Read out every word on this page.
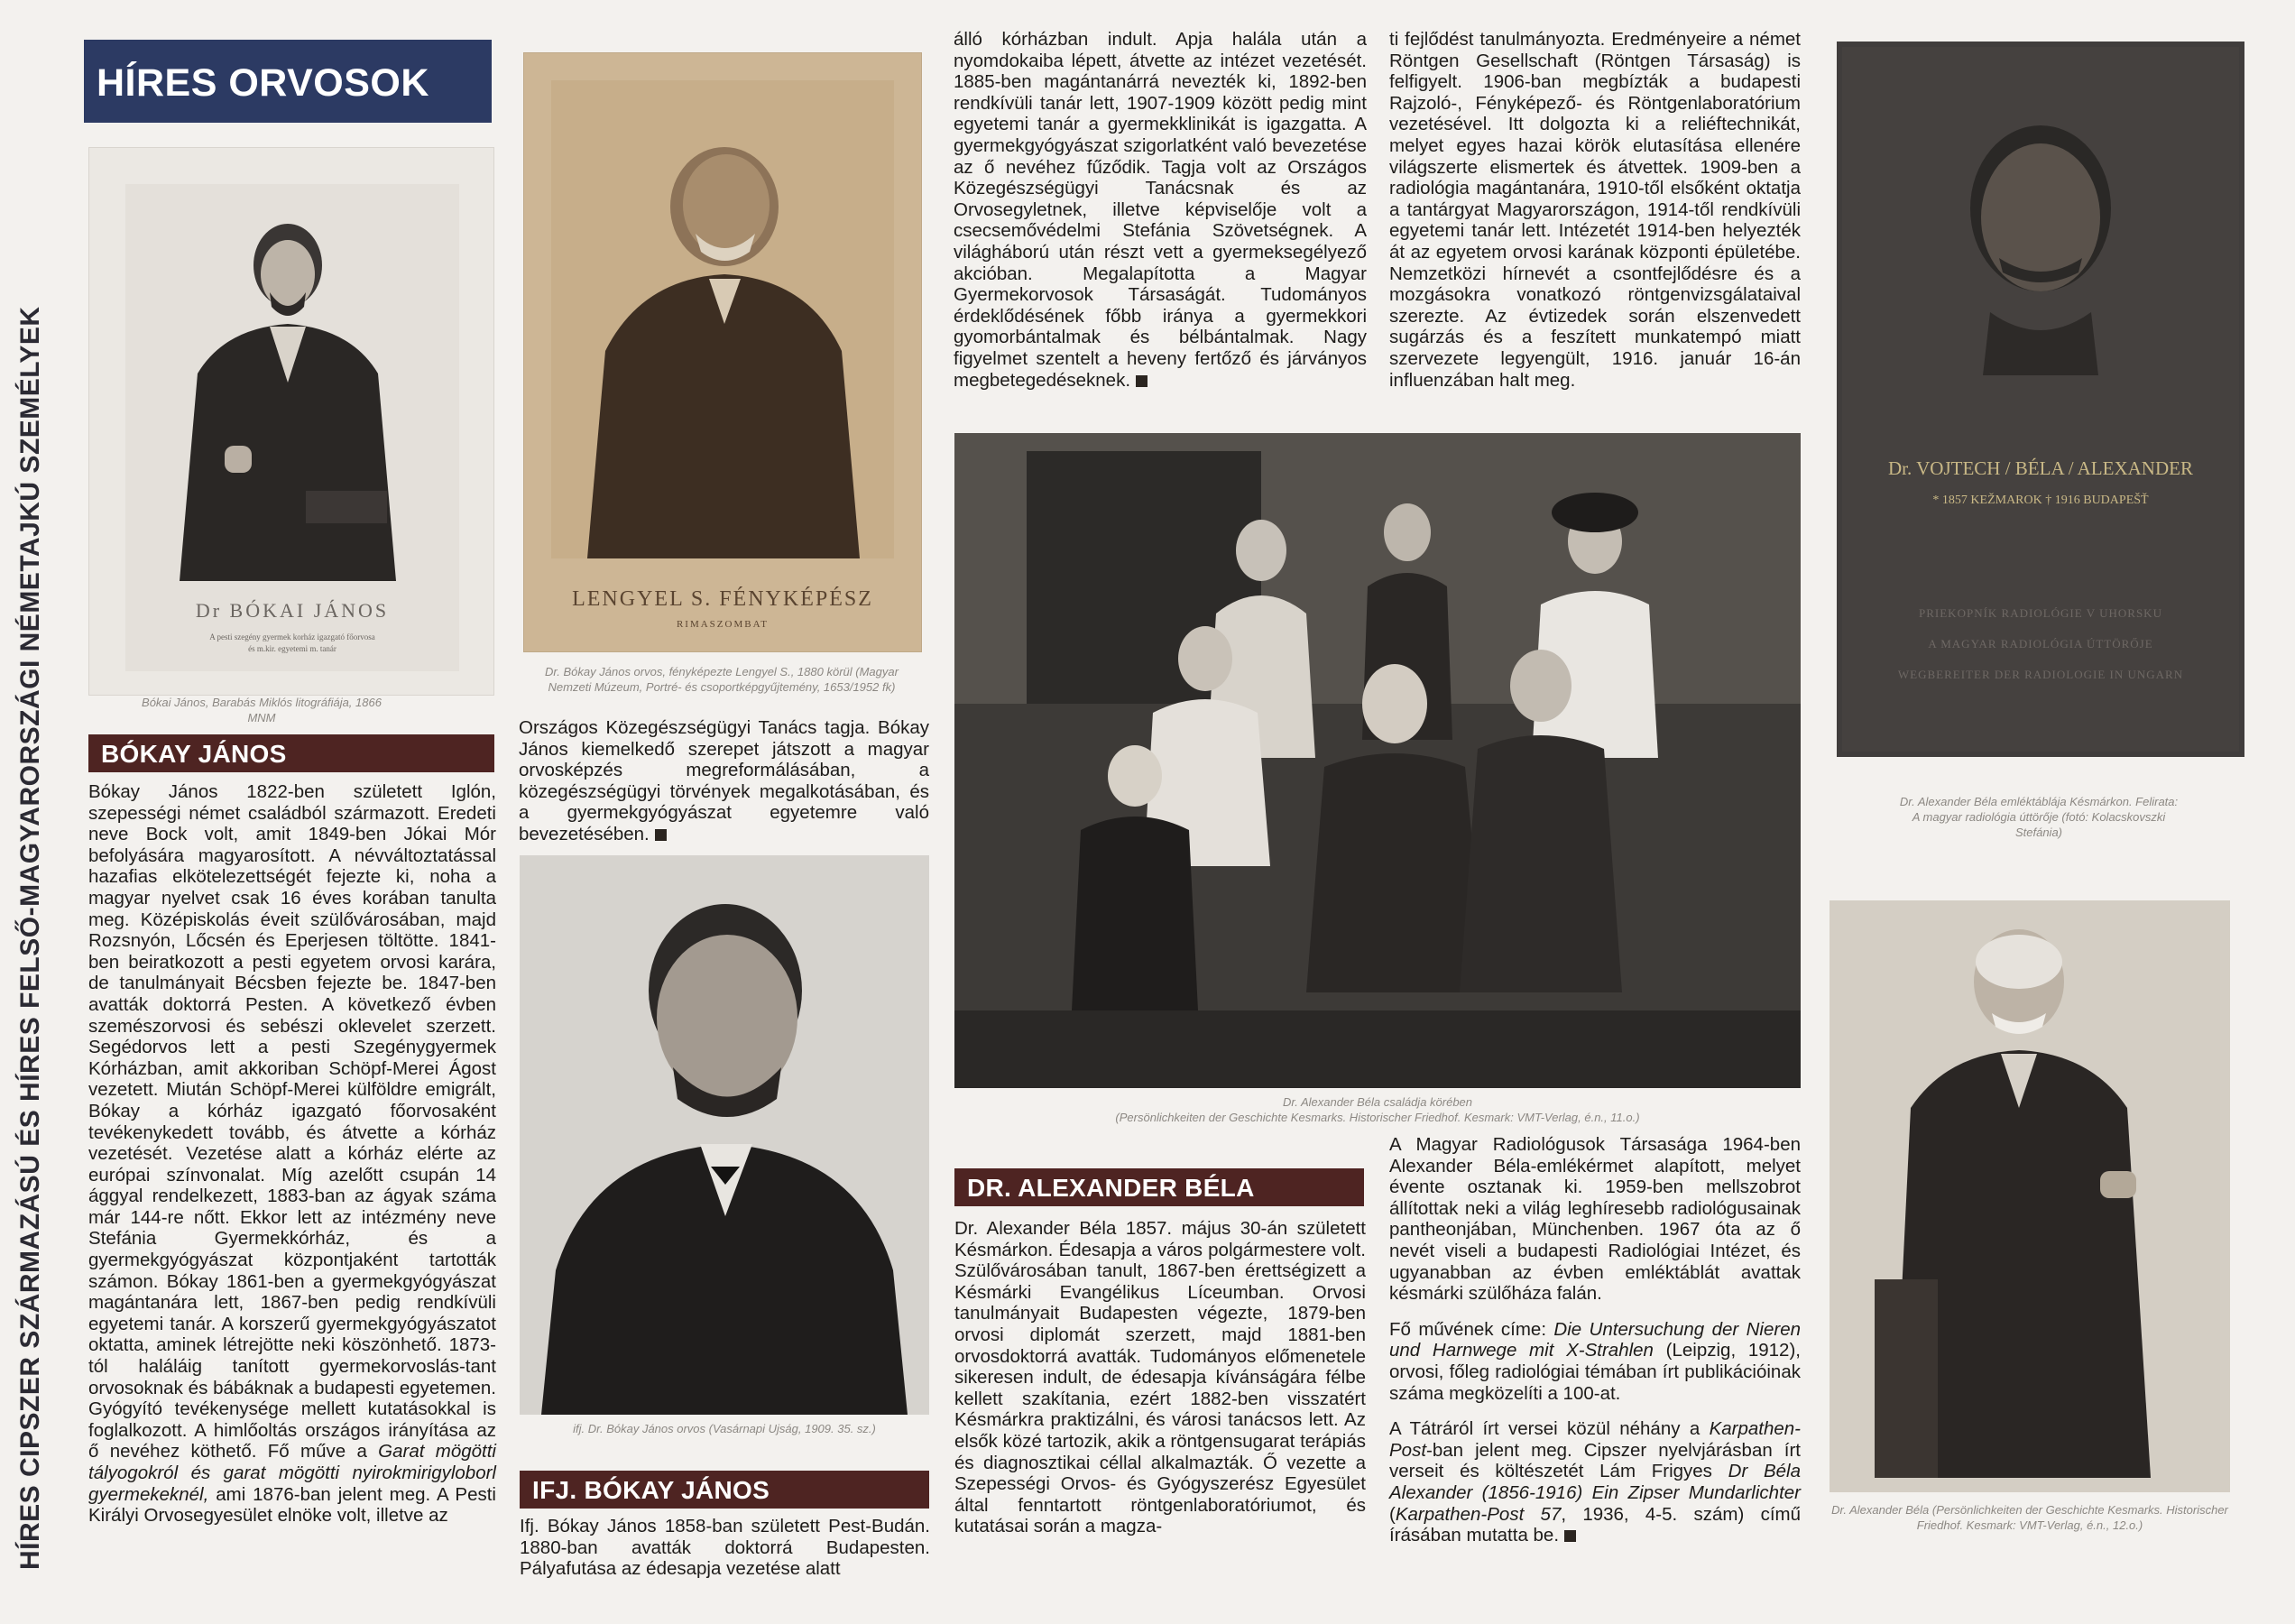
HÍRES CIPSZER SZÁRMAZÁSÚ ÉS HÍRES FELSŐ-MAGYARORSZÁGI NÉMETAJKÚ SZEMÉLYEK
HÍRES ORVOSOK
Dr BÓKAI JÁNOS
A pesti szegény gyermek korház igazgató főorvosa
és m.kir. egyetemi m. tanár
Bókai János, Barabás Miklós litográfiája, 1866 MNM
BÓKAY JÁNOS

Bókay János 1822-ben született Iglón, szepességi német családból származott. Eredeti neve Bock volt, amit 1849-ben Jókai Mór befolyására magyarosított. A névváltoztatással hazafias elkötelezettségét fejezte ki, noha a magyar nyelvet csak 16 éves korában tanulta meg. Középiskolás éveit szülővárosában, majd Rozsnyón, Lőcsén és Eperjesen töltötte. 1841-ben beiratkozott a pesti egyetem orvosi karára, de tanulmányait Bécsben fejezte be. 1847-ben avatták doktorrá Pesten. A következő évben szemészorvosi és sebészi oklevelet szerzett. Segédorvos lett a pesti Szegénygyermek Kórházban, amit akkoriban Schöpf-Merei Ágost vezetett. Miután Schöpf-Merei külföldre emigrált, Bókay a kórház igazgató főorvosaként tevékenykedett tovább, és átvette a kórház vezetését. Vezetése alatt a kórház elérte az európai színvonalat. Míg azelőtt csupán 14 ággyal rendelkezett, 1883-ban az ágyak száma már 144-re nőtt. Ekkor lett az intézmény neve Stefánia Gyermekkórház, és a gyermekgyógyászat központjaként tartották számon. Bókay 1861-ben a gyermekgyógyászat magántanára lett, 1867-ben pedig rendkívüli egyetemi tanár. A korszerű gyermekgyógyászatot oktatta, aminek létrejötte neki köszönhető. 1873-tól haláláig tanított gyermekorvoslás-tant orvosoknak és bábáknak a budapesti egyetemen. Gyógyító tevékenysége mellett kutatásokkal is foglalkozott. A himlőoltás országos irányítása az ő nevéhez köthető. Fő műve a Garat mögötti tályogokról és garat mögötti nyirokmirigyloborl gyermekeknél, ami 1876-ban jelent meg. A Pesti Királyi Orvosegyesület elnöke volt, illetve az

LENGYEL S. FÉNYKÉPÉSZ
RIMASZOMBAT
Dr. Bókay János orvos, fényképezte Lengyel S., 1880 körül (Magyar Nemzeti Múzeum, Portré- és csoportképgyűjtemény, 1653/1952 fk)

Országos Közegészségügyi Tanács tagja. Bókay János kiemelkedő szerepet játszott a magyar orvosképzés megreformálásában, a közegészségügyi törvények megalkotásában, és a gyermekgyógyászat egyetemre való bevezetésében.

ifj. Dr. Bókay János orvos (Vasárnapi Ujság, 1909. 35. sz.)
IFJ. BÓKAY JÁNOS
Ifj. Bókay János 1858-ban született Pest-Budán. 1880-ban avatták doktorrá Budapesten. Pályafutása az édesapja vezetése alatt

álló kórházban indult. Apja halála után a nyomdokaiba lépett, átvette az intézet vezetését. 1885-ben magántanárrá nevezték ki, 1892-ben rendkívüli tanár lett, 1907-1909 között pedig mint egyetemi tanár a gyermekklinikát is igazgatta. A gyermekgyógyászat szigorlatként való bevezetése az ő nevéhez fűződik. Tagja volt az Országos Közegészségügyi Tanácsnak és az Orvosegyletnek, illetve képviselője volt a csecsemővédelmi Stefánia Szövetségnek. A világháború után részt vett a gyermeksegélyező akcióban. Megalapította a Magyar Gyermekorvosok Társaságát. Tudományos érdeklődésének főbb iránya a gyermekkori gyomorbántalmak és bélbántalmak. Nagy figyelmet szentelt a heveny fertőző és járványos megbetegedéseknek.

ti fejlődést tanulmányozta. Eredményeire a német Röntgen Gesellschaft (Röntgen Társaság) is felfigyelt. 1906-ban megbízták a budapesti Rajzoló-, Fényképező- és Röntgenlaboratórium vezetésével. Itt dolgozta ki a reliéftechnikát, melyet egyes hazai körök elutasítása ellenére világszerte elismertek és átvettek. 1909-ben a radiológia magántanára, 1910-től elsőként oktatja a tantárgyat Magyarországon, 1914-től rendkívüli egyetemi tanár lett. Intézetét 1914-ben helyezték át az egyetem orvosi karának központi épületébe. Nemzetközi hírnevét a csontfejlődésre és a mozgásokra vonatkozó röntgenvizsgálataival szerezte. Az évtizedek során elszenvedett sugárzás és a feszített munkatempó miatt szervezete legyengült, 1916. január 16-án influenzában halt meg.
Dr. Alexander Béla családja körében
(Persönlichkeiten der Geschichte Kesmarks. Historischer Friedhof. Kesmark: VMT-Verlag, é.n., 11.o.)
DR. ALEXANDER BÉLA
Dr. Alexander Béla 1857. május 30-án született Késmárkon. Édesapja a város polgármestere volt. Szülővárosában tanult, 1867-ben érettségizett a Késmárki Evangélikus Líceumban. Orvosi tanulmányait Budapesten végezte, 1879-ben orvosi diplomát szerzett, majd 1881-ben orvosdoktorrá avatták. Tudományos előmenetele sikeresen indult, de édesapja kívánságára félbe kellett szakítania, ezért 1882-ben visszatért Késmárkra praktizálni, és városi tanácsos lett. Az elsők közé tartozik, akik a röntgensugarat terápiás és diagnosztikai céllal alkalmazták. Ő vezette a Szepességi Orvos- és Gyógyszerész Egyesület által fenntartott röntgenlaboratóriumot, és kutatásai során a magza-

A Magyar Radiológusok Társasága 1964-ben Alexander Béla-emlékérmet alapított, melyet évente osztanak ki. 1959-ben mellszobrot állítottak neki a világ leghíresebb radiológusainak pantheonjában, Münchenben. 1967 óta az ő nevét viseli a budapesti Radiológiai Intézet, és ugyanabban az évben emléktáblát avattak késmárki szülőháza falán.

Fő művének címe: Die Untersuchung der Nieren und Harnwege mit X-Strahlen (Leipzig, 1912), orvosi, főleg radiológiai témában írt publikációinak száma megközelíti a 100-at.

A Tátráról írt versei közül néhány a Karpathen-Post-ban jelent meg. Cipszer nyelvjárásban írt verseit és költészetét Lám Frigyes Dr Béla Alexander (1856-1916) Ein Zipser Mundarlichter (Karpathen-Post 57, 1936, 4-5. szám) című írásában mutatta be.

Dr. VOJTECH / BÉLA / ALEXANDER
* 1857 KEŽMAROK † 1916 BUDAPEŠŤ
PRIEKOPNÍK RADIOLÓGIE V UHORSKU
A MAGYAR RADIOLÓGIA ÚTTÖRŐJE
WEGBEREITER DER RADIOLOGIE IN UNGARN
Dr. Alexander Béla emléktáblája Késmárkon. Felirata: A magyar radiológia úttörője (fotó: Kolacskovszki Stefánia)
Dr. Alexander Béla (Persönlichkeiten der Geschichte Kesmarks. Historischer Friedhof. Kesmark: VMT-Verlag, é.n., 12.o.)
